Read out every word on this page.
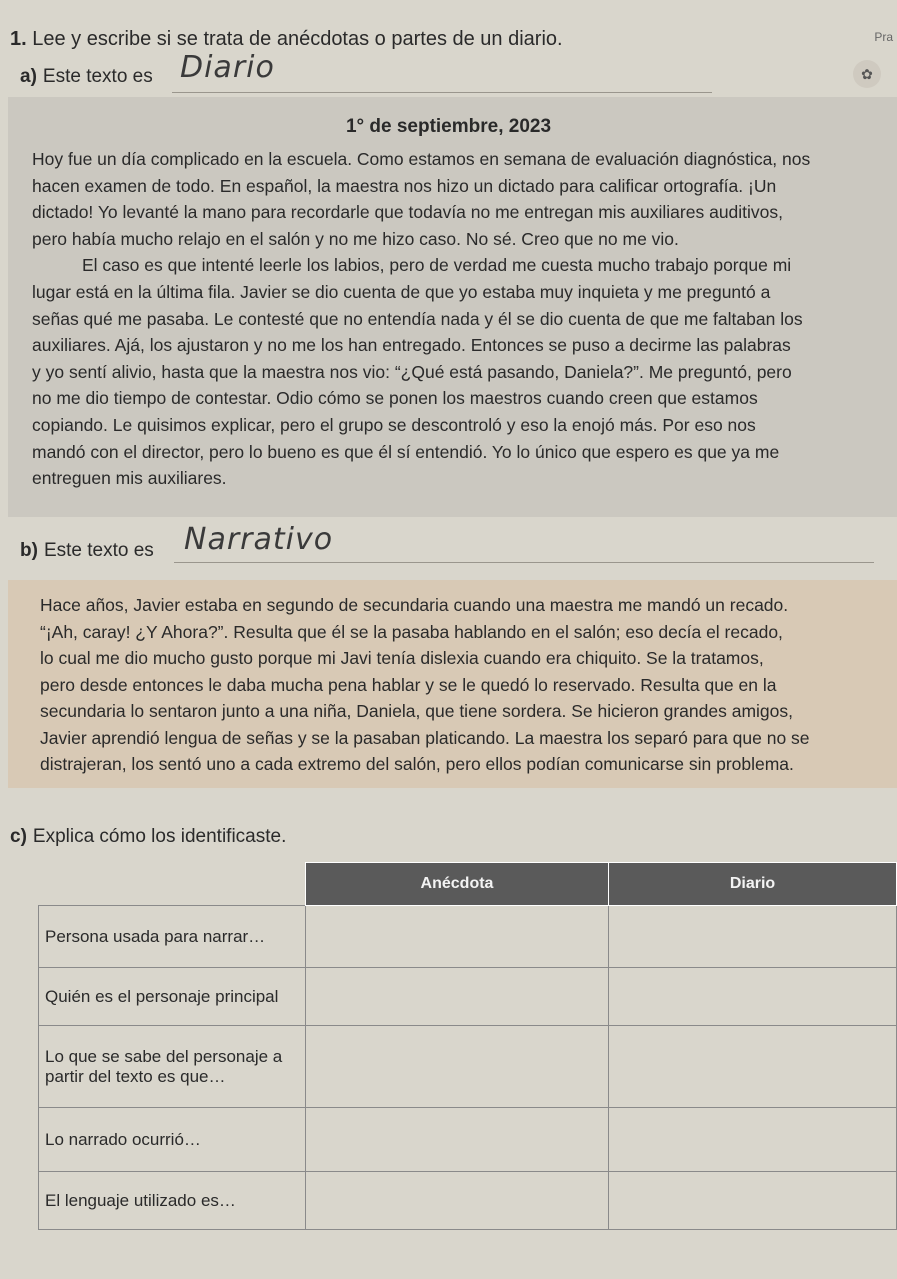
1. Lee y escribe si se trata de anécdotas o partes de un diario.	Pra
✿
a) Este texto es Diario
1° de septiembre, 2023

Hoy fue un día complicado en la escuela. Como estamos en semana de evaluación diagnóstica, nos
hacen examen de todo. En español, la maestra nos hizo un dictado para calificar ortografía. ¡Un
dictado! Yo levanté la mano para recordarle que todavía no me entregan mis auxiliares auditivos,
pero había mucho relajo en el salón y no me hizo caso. No sé. Creo que no me vio.

El caso es que intenté leerle los labios, pero de verdad me cuesta mucho trabajo porque mi
lugar está en la última fila. Javier se dio cuenta de que yo estaba muy inquieta y me preguntó a
señas qué me pasaba. Le contesté que no entendía nada y él se dio cuenta de que me faltaban los
auxiliares. Ajá, los ajustaron y no me los han entregado. Entonces se puso a decirme las palabras
y yo sentí alivio, hasta que la maestra nos vio: “¿Qué está pasando, Daniela?”. Me preguntó, pero
no me dio tiempo de contestar. Odio cómo se ponen los maestros cuando creen que estamos
copiando. Le quisimos explicar, pero el grupo se descontroló y eso la enojó más. Por eso nos
mandó con el director, pero lo bueno es que él sí entendió. Yo lo único que espero es que ya me
entreguen mis auxiliares.

b) Este texto es Narrativo

Hace años, Javier estaba en segundo de secundaria cuando una maestra me mandó un recado.
“¡Ah, caray! ¿Y Ahora?”. Resulta que él se la pasaba hablando en el salón; eso decía el recado,
lo cual me dio mucho gusto porque mi Javi tenía dislexia cuando era chiquito. Se la tratamos,
pero desde entonces le daba mucha pena hablar y se le quedó lo reservado. Resulta que en la
secundaria lo sentaron junto a una niña, Daniela, que tiene sordera. Se hicieron grandes amigos,
Javier aprendió lengua de señas y se la pasaban platicando. La maestra los separó para que no se
distrajeran, los sentó uno a cada extremo del salón, pero ellos podían comunicarse sin problema.

c) Explica cómo los identificaste.
	Anécdota	Diario
Persona usada para narrar…		
Quién es el personaje principal		
Lo que se sabe del personaje a partir del texto es que…		
Lo narrado ocurrió…		
El lenguaje utilizado es…		
